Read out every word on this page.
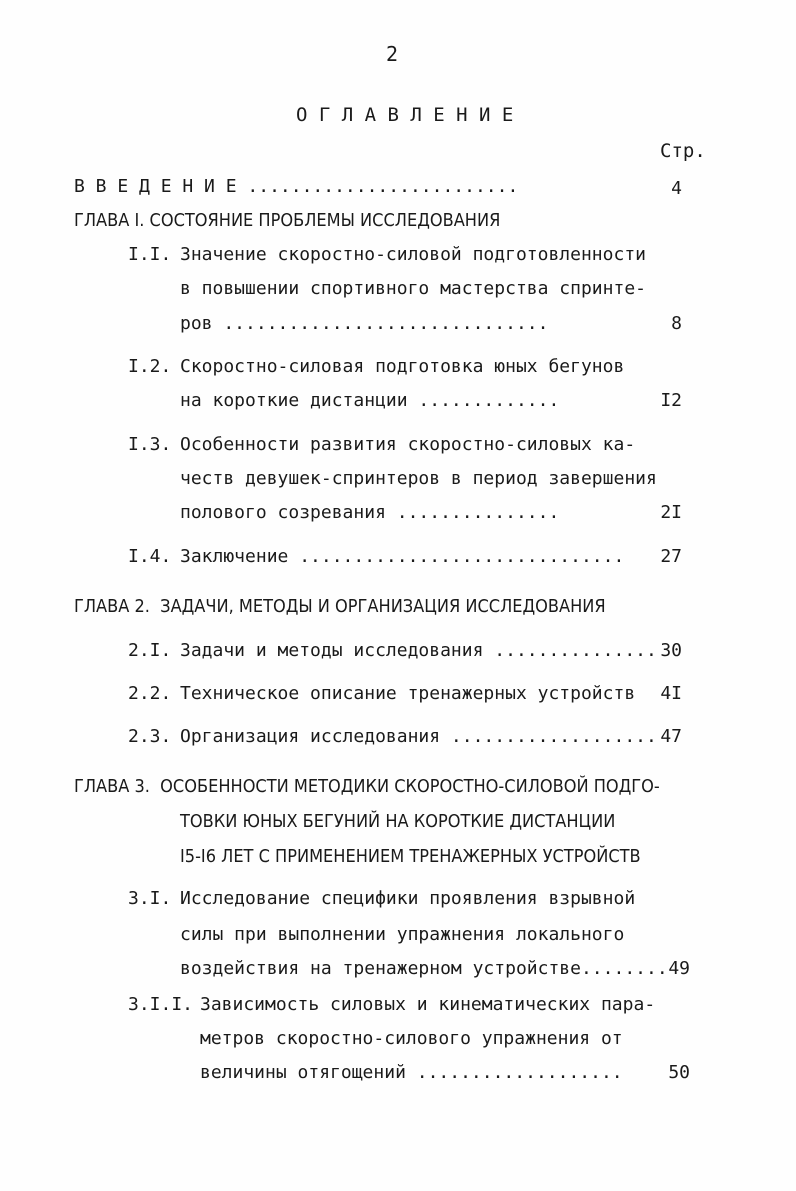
2
О Г Л А В Л Е Н И Е
Стр.
В В Е Д Е Н И Е .........................	4
ГЛАВА I. СОСТОЯНИЕ ПРОБЛЕМЫ ИССЛЕДОВАНИЯ
I.I. Значение скоростно-силовой подготовленности
в повышении спортивного мастерства спринте-
ров ..............................	8
I.2. Скоростно-силовая подготовка юных бегунов
на короткие дистанции .............	I2
I.3. Особенности развития скоростно-силовых ка-
честв девушек-спринтеров в период завершения
полового созревания ...............	2I
I.4. Заключение ..............................	27
ГЛАВА 2.  ЗАДАЧИ, МЕТОДЫ И ОРГАНИЗАЦИЯ ИССЛЕДОВАНИЯ
2.I. Задачи и методы исследования ............... 30
2.2. Техническое описание тренажерных устройств	4I
2.3. Организация исследования ................... 47
ГЛАВА 3.  ОСОБЕННОСТИ МЕТОДИКИ СКОРОСТНО-СИЛОВОЙ ПОДГО-
ТОВКИ ЮНЫХ БЕГУНИЙ НА КОРОТКИЕ ДИСТАНЦИИ
I5-I6 ЛЕТ С ПРИМЕНЕНИЕМ ТРЕНАЖЕРНЫХ УСТРОЙСТВ
3.I. Исследование специфики проявления взрывной
силы при выполнении упражнения локального
воздействия на тренажерном устройстве........ 49
3.I.I. Зависимость силовых и кинематических пара-
метров скоростно-силового упражнения от
величины отягощений ...................	50
